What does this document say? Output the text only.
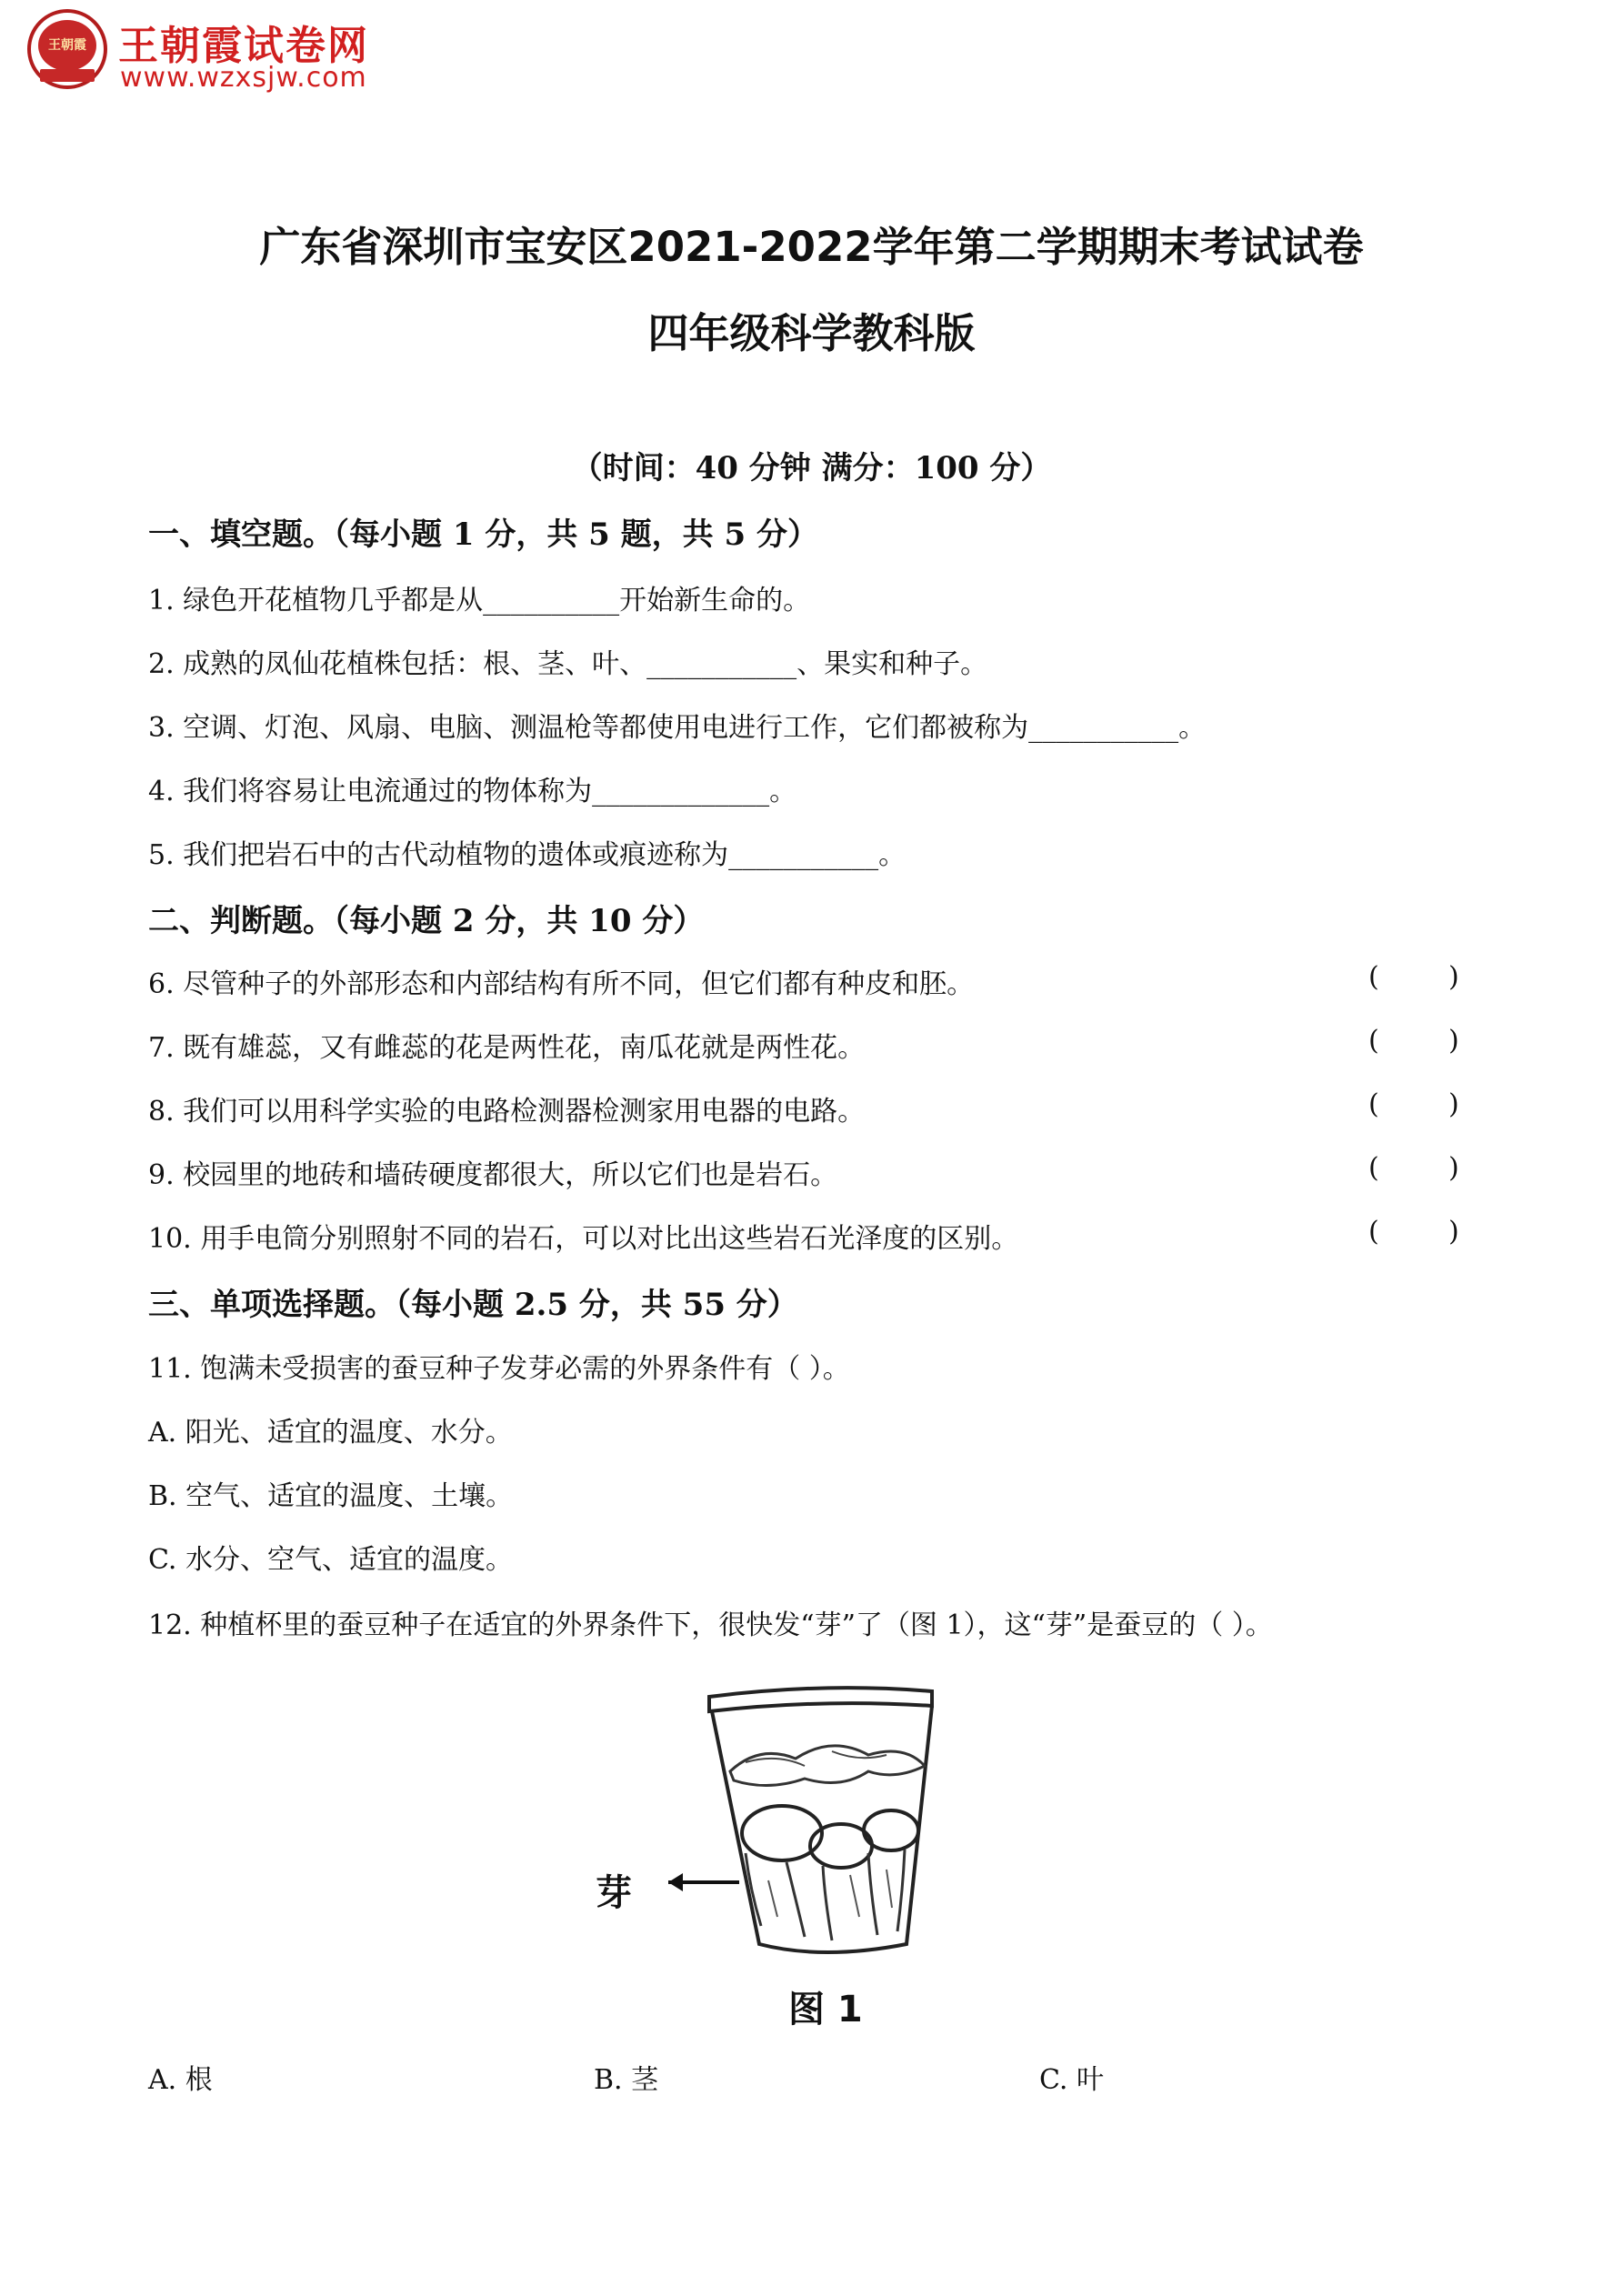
王朝霞 王朝霞试卷网
www.wzxsjw.com
广东省深圳市宝安区2021-2022学年第二学期期末考试试卷
四年级科学教科版
（时间：40 分钟 满分：100 分）
一、填空题。（每小题 1 分，共 5 题，共 5 分）
1. 绿色开花植物几乎都是从__________开始新生命的。
2. 成熟的凤仙花植株包括：根、茎、叶、___________、果实和种子。
3. 空调、灯泡、风扇、电脑、测温枪等都使用电进行工作，它们都被称为___________。
4. 我们将容易让电流通过的物体称为_____________。
5. 我们把岩石中的古代动植物的遗体或痕迹称为___________。
二、判断题。（每小题 2 分，共 10 分）
6. 尽管种子的外部形态和内部结构有所不同，但它们都有种皮和胚。	(        )
7. 既有雄蕊，又有雌蕊的花是两性花，南瓜花就是两性花。	(        )
8. 我们可以用科学实验的电路检测器检测家用电器的电路。	(        )
9. 校园里的地砖和墙砖硬度都很大，所以它们也是岩石。	(        )
10. 用手电筒分别照射不同的岩石，可以对比出这些岩石光泽度的区别。	(        )
三、单项选择题。（每小题 2.5 分，共 55 分）
11. 饱满未受损害的蚕豆种子发芽必需的外界条件有（ ）。
A. 阳光、适宜的温度、水分。
B. 空气、适宜的温度、土壤。
C. 水分、空气、适宜的温度。
12. 种植杯里的蚕豆种子在适宜的外界条件下，很快发“芽”了（图 1），这“芽”是蚕豆的（ ）。
芽
图 1
A. 根	B. 茎	C. 叶
